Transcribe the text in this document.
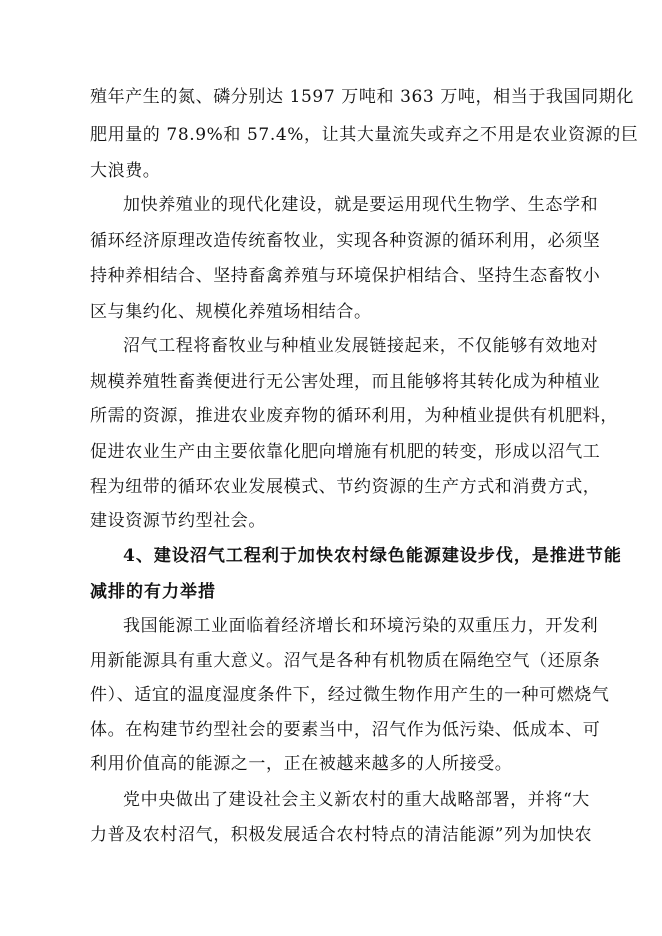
殖年产生的氮、磷分别达 1597 万吨和 363 万吨，相当于我国同期化
肥用量的 78.9%和 57.4%，让其大量流失或弃之不用是农业资源的巨
大浪费。
加快养殖业的现代化建设，就是要运用现代生物学、生态学和
循环经济原理改造传统畜牧业，实现各种资源的循环利用，必须坚
持种养相结合、坚持畜禽养殖与环境保护相结合、坚持生态畜牧小
区与集约化、规模化养殖场相结合。
沼气工程将畜牧业与种植业发展链接起来，不仅能够有效地对
规模养殖牲畜粪便进行无公害处理，而且能够将其转化成为种植业
所需的资源，推进农业废弃物的循环利用，为种植业提供有机肥料，
促进农业生产由主要依靠化肥向增施有机肥的转变，形成以沼气工
程为纽带的循环农业发展模式、节约资源的生产方式和消费方式，
建设资源节约型社会。
4、建设沼气工程利于加快农村绿色能源建设步伐，是推进节能
减排的有力举措
我国能源工业面临着经济增长和环境污染的双重压力，开发利
用新能源具有重大意义。沼气是各种有机物质在隔绝空气（还原条
件）、适宜的温度湿度条件下，经过微生物作用产生的一种可燃烧气
体。在构建节约型社会的要素当中，沼气作为低污染、低成本、可
利用价值高的能源之一，正在被越来越多的人所接受。
党中央做出了建设社会主义新农村的重大战略部署，并将“大
力普及农村沼气，积极发展适合农村特点的清洁能源”列为加快农
